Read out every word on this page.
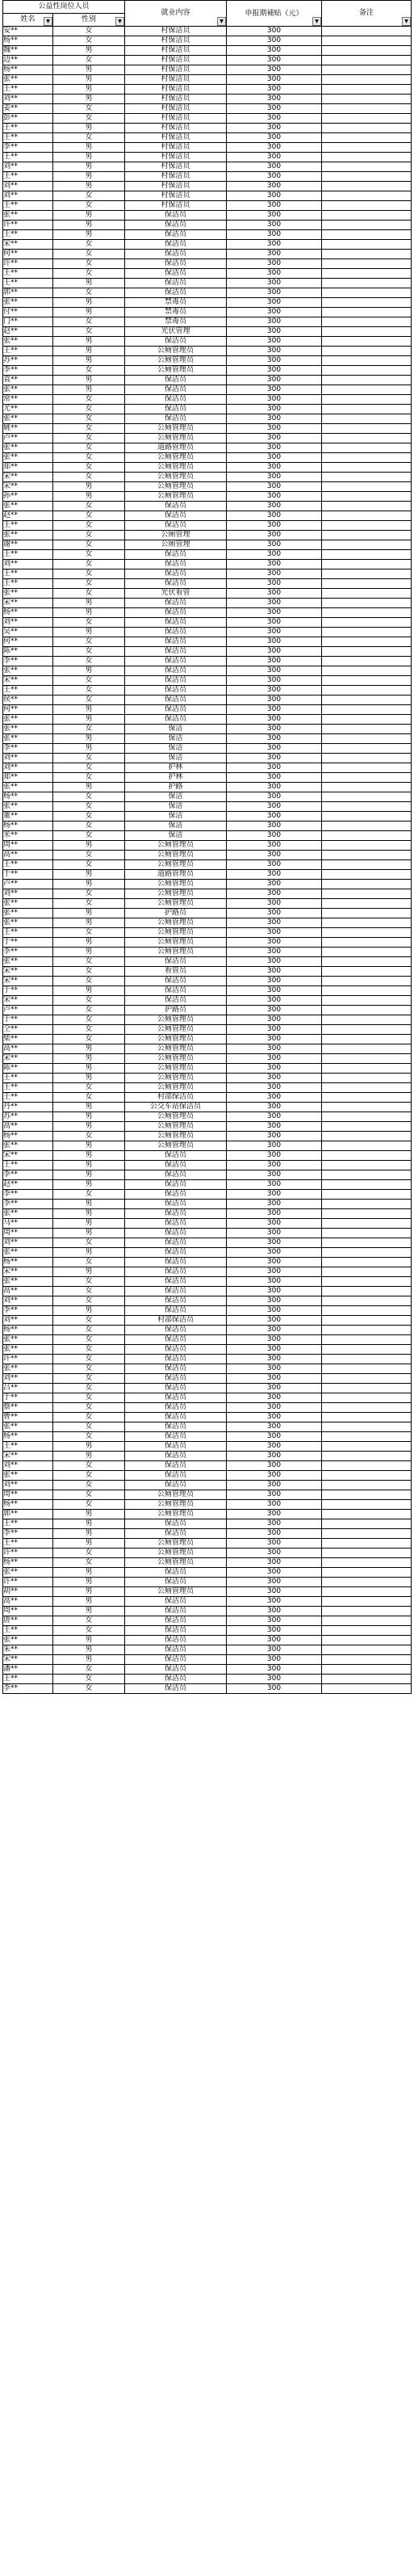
公益性岗位人员		就业内容
▼	申报期補贴（元）
▼	备注
▼

姓名 ▼	性别 ▼			

安**	女	村保洁员	300	
杨**	女	村保洁员	300	
魏**	男	村保洁员	300	
边**	女	村保洁员	300	
杨**	男	村保洁员	300	
张**	男	村保洁员	300	
王**	男	村保洁员	300	
刘**	男	村保洁员	300	
姜**	女	村保洁员	300	
彭**	女	村保洁员	300	
王**	男	村保洁员	300	
王**	女	村保洁员	300	
李**	男	村保洁员	300	
王**	男	村保洁员	300	
刘**	男	村保洁员	300	
王**	男	村保洁员	300	
刘**	男	村保洁员	300	
刘**	女	村保洁员	300	
王**	女	村保洁员	300	
张**	男	保洁员	300	
许**	男	保洁员	300	
王**	男	保洁员	300	
宋**	女	保洁员	300	
何**	女	保洁员	300	
许**	女	保洁员	300	
王**	女	保洁员	300	
王**	男	保洁员	300	
郭**	女	保洁员	300	
张**	男	禁毒员	300	
付**	男	禁毒员	300	
门**	女	禁毒员	300	
赵**	女	光伏管理	300	
张**	男	保洁员	300	
王**	男	公厕管理员	300	
苏**	男	公厕管理员	300	
李**	女	公厕管理员	300	
袁**	男	保洁员	300	
张**	男	保洁员	300	
常**	女	保洁员	300	
尤**	女	保洁员	300	
张**	女	保洁员	300	
姚**	女	公厕管理员	300	
卢**	女	公厕管理员	300	
张**	女	道路管理员	300	
张**	女	公厕管理员	300	
郑**	女	公厕管理员	300	
宋**	女	公厕管理员	300	
宋**	男	公厕管理员	300	
孙**	男	公厕管理员	300	
张**	女	保洁员	300	
赵**	女	保洁员	300	
王**	女	保洁员	300	
张**	女	公厕管理	300	
谢**	女	公厕管理	300	
王**	女	保洁员	300	
刘**	女	保洁员	300	
王**	女	保洁员	300	
王**	女	保洁员	300	
张**	女	光伏看管	300	
宋**	男	保洁员	300	
杨**	男	保洁员	300	
刘**	女	保洁员	300	
吴**	男	保洁员	300	
何**	女	保洁员	300	
陈**	女	保洁员	300	
李**	女	保洁员	300	
张**	男	保洁员	300	
宋**	女	保洁员	300	
王**	女	保洁员	300	
侯**	女	保洁员	300	
何**	男	保洁员	300	
张**	男	保洁员	300	
张**	女	保洁	300	
张**	男	保洁	300	
李**	男	保洁	300	
刘**	女	保洁	300	
刘**	女	护林	300	
郑**	女	护林	300	
张**	男	护路	300	
杨**	女	保洁	300	
张**	女	保洁	300	
董**	女	保洁	300	
杨**	女	保洁	300	
米**	女	保洁	300	
周**	男	公厕管理员	300	
高**	女	公厕管理员	300	
王**	女	公厕管理员	300	
于**	男	道路管理员	300	
卢**	男	公厕管理员	300	
刘**	女	公厕管理员	300	
张**	女	公厕管理员	300	
张**	男	护路员	300	
张**	男	公厕管理员	300	
王**	女	公厕管理员	300	
于**	男	公厕管理员	300	
李**	男	公厕管理员	300	
张**	女	保洁员	300	
宋**	女	看管员	300	
宋**	女	保洁员	300	
于**	男	保洁员	300	
宋**	女	保洁员	300	
卢**	女	护路员	300	
于**	女	公厕管理员	300	
仝**	女	公厕管理员	300	
柴**	女	公厕管理员	300	
高**	男	公厕管理员	300	
宋**	男	公厕管理员	300	
陈**	男	公厕管理员	300	
王**	男	公厕管理员	300	
王**	女	公厕管理员	300	
王**	女	村部保洁员	300	
丹**	男	公交车站保洁员	300	
苏**	男	公厕管理员	300	
高**	男	公厕管理员	300	
杨**	女	公厕管理员	300	
张**	男	公厕管理员	300	
宋**	男	保洁员	300	
王**	男	保洁员	300	
李**	男	保洁员	300	
赵**	男	保洁员	300	
李**	女	保洁员	300	
李**	男	保洁员	300	
张**	男	保洁员	300	
马**	男	保洁员	300	
周**	男	保洁员	300	
刘**	女	保洁员	300	
张**	男	保洁员	300	
杨**	女	保洁员	300	
宋**	男	保洁员	300	
张**	女	保洁员	300	
高**	女	保洁员	300	
刘**	女	保洁员	300	
李**	男	保洁员	300	
刘**	女	村部保洁员	300	
杨**	女	保洁员	300	
张**	女	保洁员	300	
张**	女	保洁员	300	
许**	女	保洁员	300	
张**	女	保洁员	300	
刘**	女	保洁员	300	
吕**	女	保洁员	300	
于**	女	保洁员	300	
蔡**	女	保洁员	300	
曹**	女	保洁员	300	
张**	女	保洁员	300	
杨**	女	保洁员	300	
王**	男	保洁员	300	
宋**	男	保洁员	300	
刘**	女	保洁员	300	
张**	女	保洁员	300	
刘**	女	保洁员	300	
周**	女	公厕管理员	300	
杨**	女	公厕管理员	300	
郭**	男	公厕管理员	300	
王**	男	保洁员	300	
李**	男	保洁员	300	
王**	男	公厕管理员	300	
许**	女	公厕管理员	300	
杨**	女	公厕管理员	300	
张**	男	保洁员	300	
许**	男	保洁员	300	
胡**	男	公厕管理员	300	
高**	男	保洁员	300	
周**	男	保洁员	300	
唐**	女	保洁员	300	
王**	女	保洁员	300	
张**	男	保洁员	300	
朱**	男	保洁员	300	
宋**	男	保洁员	300	
潘**	女	保洁员	300	
王**	女	保洁员	300	
李**	女	保洁员	300	
